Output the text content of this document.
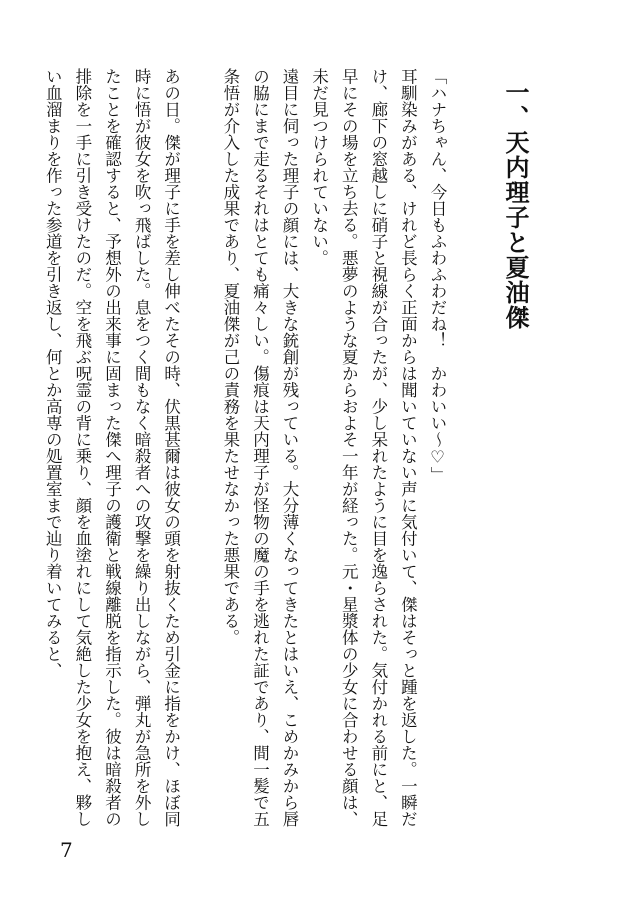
一、天内理子と夏油傑

「ハナちゃん、今日もふわふわだね！　かわいい〜♡」

耳馴染みがある、けれど長らく正面からは聞いていない声に気付いて、傑はそっと踵を返した。一瞬だけ、廊下の窓越しに硝子と視線が合ったが、少し呆れたように目を逸らされた。気付かれる前にと、足早にその場を立ち去る。悪夢のような夏からおよそ一年が経った。元・星漿体の少女に合わせる顔は、未だ見つけられていない。

遠目に伺った理子の顔には、大きな銃創が残っている。大分薄くなってきたとはいえ、こめかみから唇の脇にまで走るそれはとても痛々しい。傷痕は天内理子が怪物の魔の手を逃れた証であり、間一髪で五条悟が介入した成果であり、夏油傑が己の責務を果たせなかった悪果である。

あの日。傑が理子に手を差し伸べたその時、伏黒甚爾は彼女の頭を射抜くため引金に指をかけ、ほぼ同時に悟が彼女を吹っ飛ばした。息をつく間もなく暗殺者への攻撃を繰り出しながら、弾丸が急所を外したことを確認すると、予想外の出来事に固まった傑へ理子の護衛と戦線離脱を指示した。彼は暗殺者の排除を一手に引き受けたのだ。空を飛ぶ呪霊の背に乗り、顔を血塗れにして気絶した少女を抱え、夥しい血溜まりを作った参道を引き返し、何とか高専の処置室まで辿り着いてみると、

7
